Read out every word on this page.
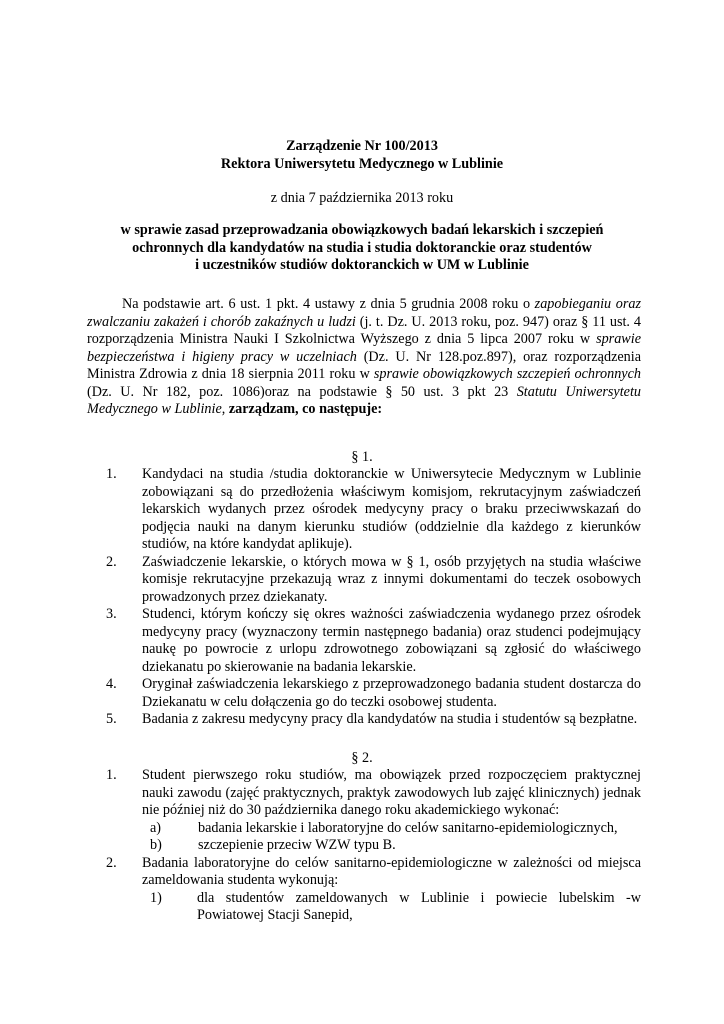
Zarządzenie Nr 100/2013
Rektora Uniwersytetu Medycznego w Lublinie
z dnia 7 października 2013 roku
w sprawie zasad przeprowadzania obowiązkowych badań lekarskich i szczepień
ochronnych dla kandydatów na studia i studia doktoranckie oraz studentów
i uczestników studiów doktoranckich w UM w Lublinie

Na podstawie art. 6 ust. 1 pkt. 4 ustawy z dnia 5 grudnia 2008 roku o zapobieganiu oraz zwalczaniu zakażeń i chorób zakaźnych u ludzi (j. t. Dz. U. 2013 roku, poz. 947) oraz § 11 ust. 4 rozporządzenia Ministra Nauki I Szkolnictwa Wyższego z dnia 5 lipca 2007 roku w sprawie bezpieczeństwa i higieny pracy w uczelniach (Dz. U. Nr 128.poz.897), oraz rozporządzenia Ministra Zdrowia z dnia 18 sierpnia 2011 roku w sprawie obowiązkowych szczepień ochronnych (Dz. U. Nr 182, poz. 1086)oraz na podstawie § 50 ust. 3 pkt 23 Statutu Uniwersytetu Medycznego w Lublinie, zarządzam, co następuje:

§ 1.
1. Kandydaci na studia /studia doktoranckie w Uniwersytecie Medycznym w Lublinie zobowiązani są do przedłożenia właściwym komisjom, rekrutacyjnym zaświadczeń lekarskich wydanych przez ośrodek medycyny pracy o braku przeciwwskazań do podjęcia nauki na danym kierunku studiów (oddzielnie dla każdego z kierunków studiów, na które kandydat aplikuje).

2. Zaświadczenie lekarskie, o których mowa w § 1, osób przyjętych na studia właściwe komisje rekrutacyjne przekazują wraz z innymi dokumentami do teczek osobowych prowadzonych przez dziekanaty.

3. Studenci, którym kończy się okres ważności zaświadczenia wydanego przez ośrodek medycyny pracy (wyznaczony termin następnego badania) oraz studenci podejmujący naukę po powrocie z urlopu zdrowotnego zobowiązani są zgłosić do właściwego dziekanatu po skierowanie na badania lekarskie.

4. Oryginał zaświadczenia lekarskiego z przeprowadzonego badania student dostarcza do Dziekanatu w celu dołączenia go do teczki osobowej studenta.

5. Badania z zakresu medycyny pracy dla kandydatów na studia i studentów są bezpłatne.

§ 2.
1. Student pierwszego roku studiów, ma obowiązek przed rozpoczęciem praktycznej nauki zawodu (zajęć praktycznych, praktyk zawodowych lub zajęć klinicznych) jednak nie później niż do 30 października danego roku akademickiego wykonać:

a)	badania lekarskie i laboratoryjne do celów sanitarno-epidemiologicznych,

b)	szczepienie przeciw WZW typu B.

2. Badania laboratoryjne do celów sanitarno-epidemiologiczne w zależności od miejsca zameldowania studenta wykonują:

1) dla studentów zameldowanych w Lublinie i powiecie lubelskim -w Powiatowej Stacji Sanepid,
